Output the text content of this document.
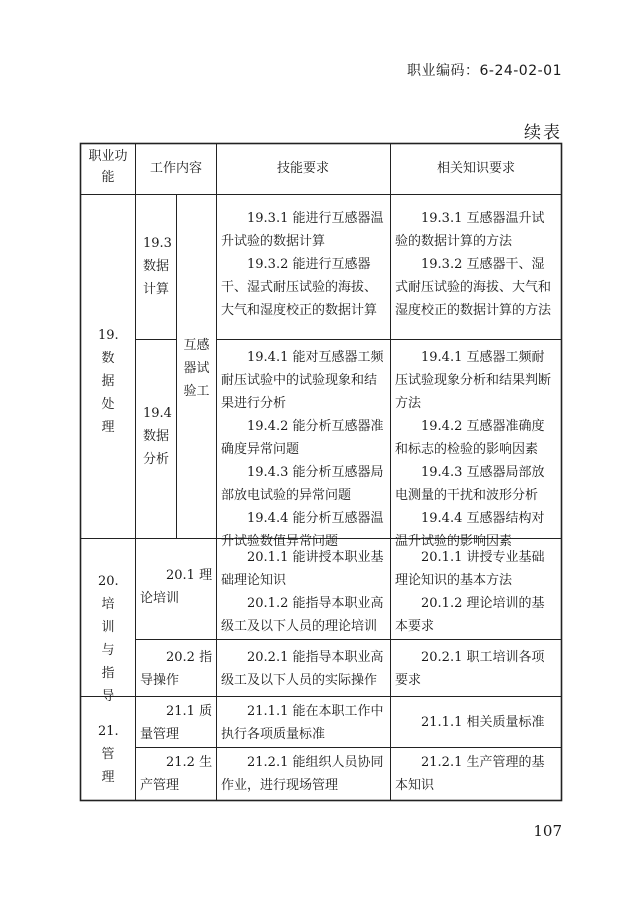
职业编码：6-24-02-01
续表
职业功能
工作内容	技能要求	相关知识要求
19.数据处理
互感器试验工
19.3数据计算

19.3.1 能进行互感器温升试验的数据计算

19.3.2 能进行互感器干、湿式耐压试验的海拔、大气和湿度校正的数据计算

19.3.1 互感器温升试验的数据计算的方法

19.3.2 互感器干、湿式耐压试验的海拔、大气和湿度校正的数据计算的方法

19.4数据分析

19.4.1 能对互感器工频耐压试验中的试验现象和结果进行分析

19.4.2 能分析互感器准确度异常问题

19.4.3 能分析互感器局部放电试验的异常问题

19.4.4 能分析互感器温升试验数值异常问题

19.4.1 互感器工频耐压试验现象分析和结果判断方法

19.4.2 互感器准确度和标志的检验的影响因素

19.4.3 互感器局部放电测量的干扰和波形分析

19.4.4 互感器结构对温升试验的影响因素

20.培训与指导

20.1 理论培训

20.1.1 能讲授本职业基础理论知识

20.1.2 能指导本职业高级工及以下人员的理论培训

20.1.1 讲授专业基础理论知识的基本方法

20.1.2 理论培训的基本要求

20.2 指导操作

20.2.1 能指导本职业高级工及以下人员的实际操作

20.2.1 职工培训各项要求

21.管理

21.1 质量管理

21.1.1 能在本职工作中执行各项质量标准

21.1.1 相关质量标准

21.2 生产管理

21.2.1 能组织人员协同作业，进行现场管理

21.2.1 生产管理的基本知识

107
